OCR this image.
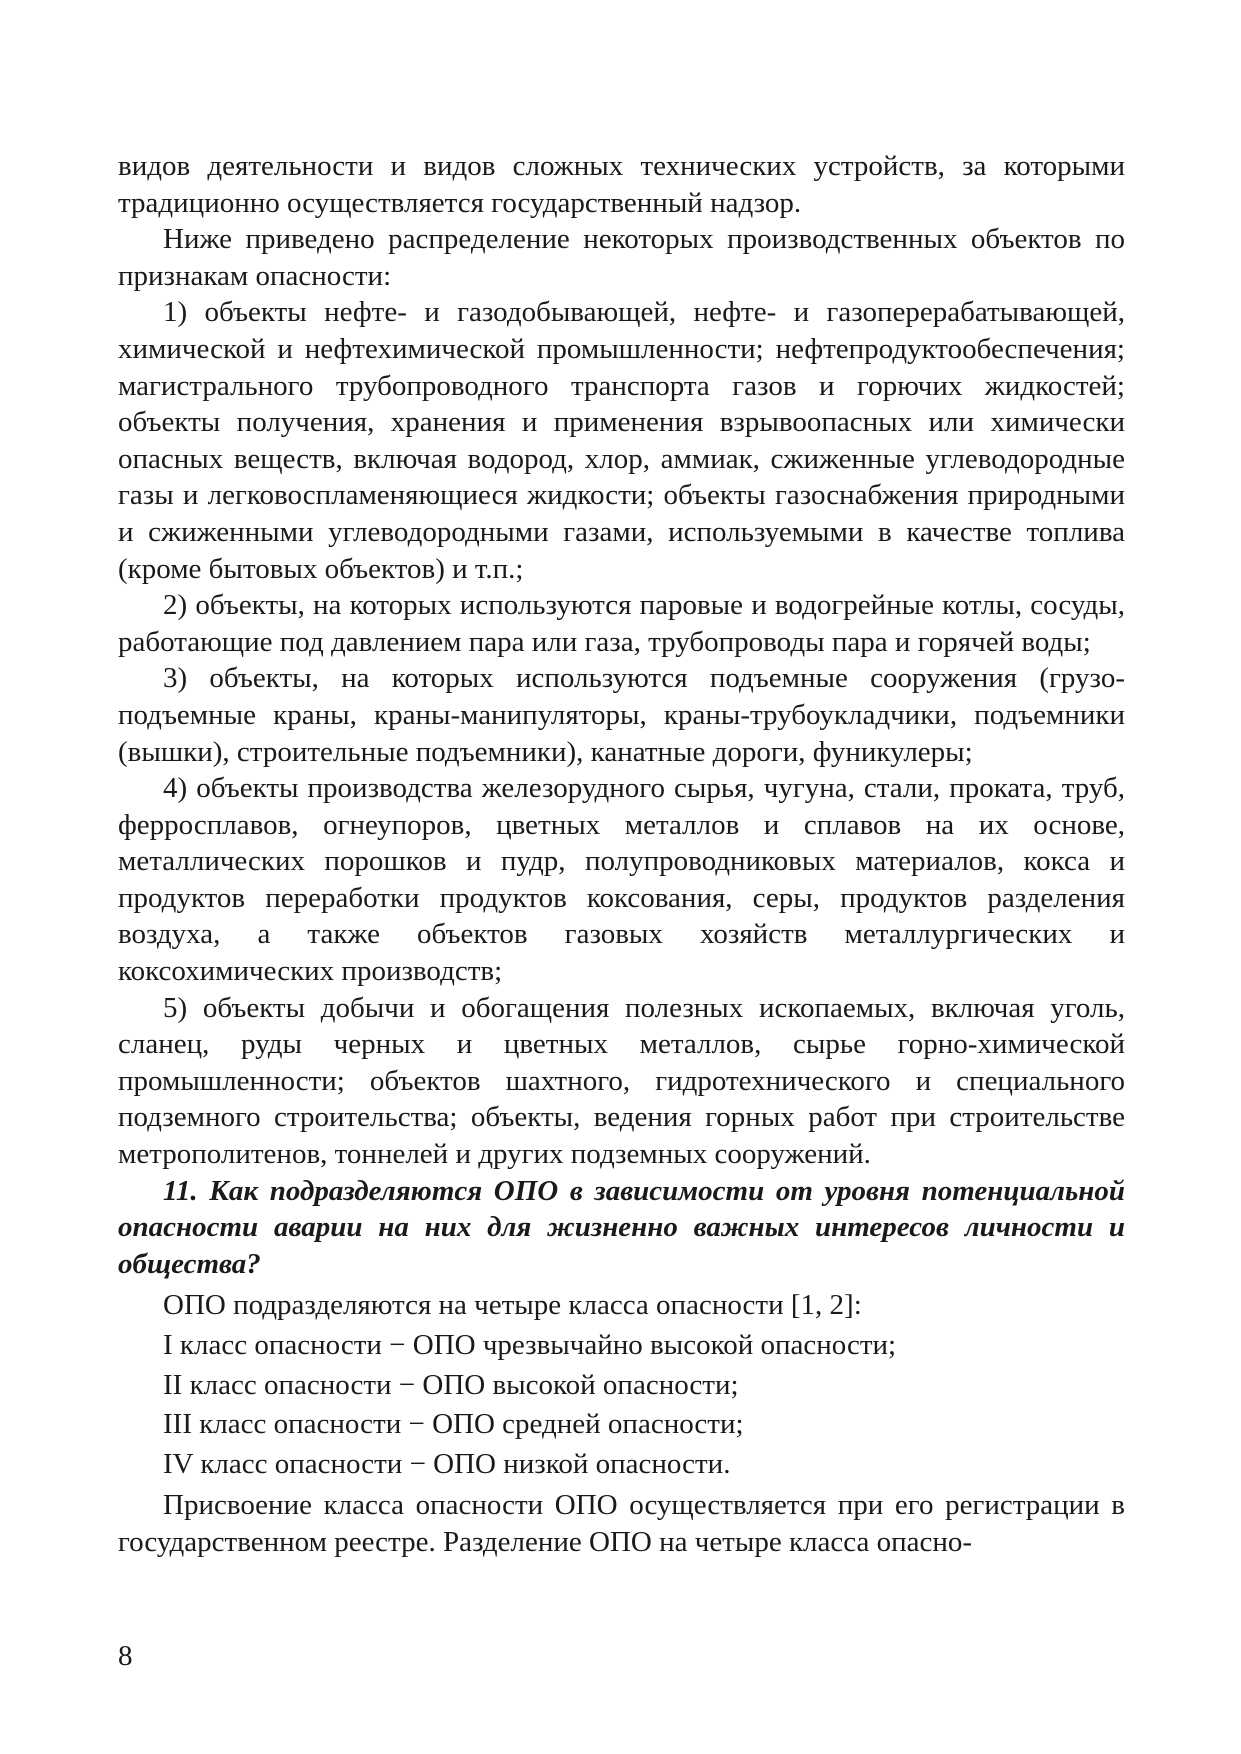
видов деятельности и видов сложных технических устройств, за которыми традиционно осуществляется государственный надзор.

Ниже приведено распределение некоторых производственных объектов по признакам опасности:

1) объекты нефте- и газодобывающей, нефте- и газоперерабатывающей, химической и нефтехимической промышленности; нефтепродуктообеспечения; магистрального трубопроводного транспорта газов и горючих жидкостей; объекты получения, хранения и применения взрывоопасных или химически опасных веществ, включая водород, хлор, аммиак, сжиженные углеводородные газы и легковоспламеняющиеся жидкости; объекты газоснабжения природными и сжиженными углеводородными газами, используемыми в качестве топлива (кроме бытовых объектов) и т.п.;

2) объекты, на которых используются паровые и водогрейные котлы, сосуды, работающие под давлением пара или газа, трубопроводы пара и горячей воды;

3) объекты, на которых используются подъемные сооружения (грузоподъемные краны, краны-манипуляторы, краны-трубоукладчики, подъемники (вышки), строительные подъемники), канатные дороги, фуникулеры;

4) объекты производства железорудного сырья, чугуна, стали, проката, труб, ферросплавов, огнеупоров, цветных металлов и сплавов на их основе, металлических порошков и пудр, полупроводниковых материалов, кокса и продуктов переработки продуктов коксования, серы, продуктов разделения воздуха, а также объектов газовых хозяйств металлургических и коксохимических производств;

5) объекты добычи и обогащения полезных ископаемых, включая уголь, сланец, руды черных и цветных металлов, сырье горно-химической промышленности; объектов шахтного, гидротехнического и специального подземного строительства; объекты, ведения горных работ при строительстве метрополитенов, тоннелей и других подземных сооружений.

11. Как подразделяются ОПО в зависимости от уровня потенциальной опасности аварии на них для жизненно важных интересов личности и общества?

ОПО подразделяются на четыре класса опасности [1, 2]:

I класс опасности − ОПО чрезвычайно высокой опасности;

II класс опасности − ОПО высокой опасности;

III класс опасности − ОПО средней опасности;

IV класс опасности − ОПО низкой опасности.

Присвоение класса опасности ОПО осуществляется при его регистрации в государственном реестре. Разделение ОПО на четыре класса опасно-

8
